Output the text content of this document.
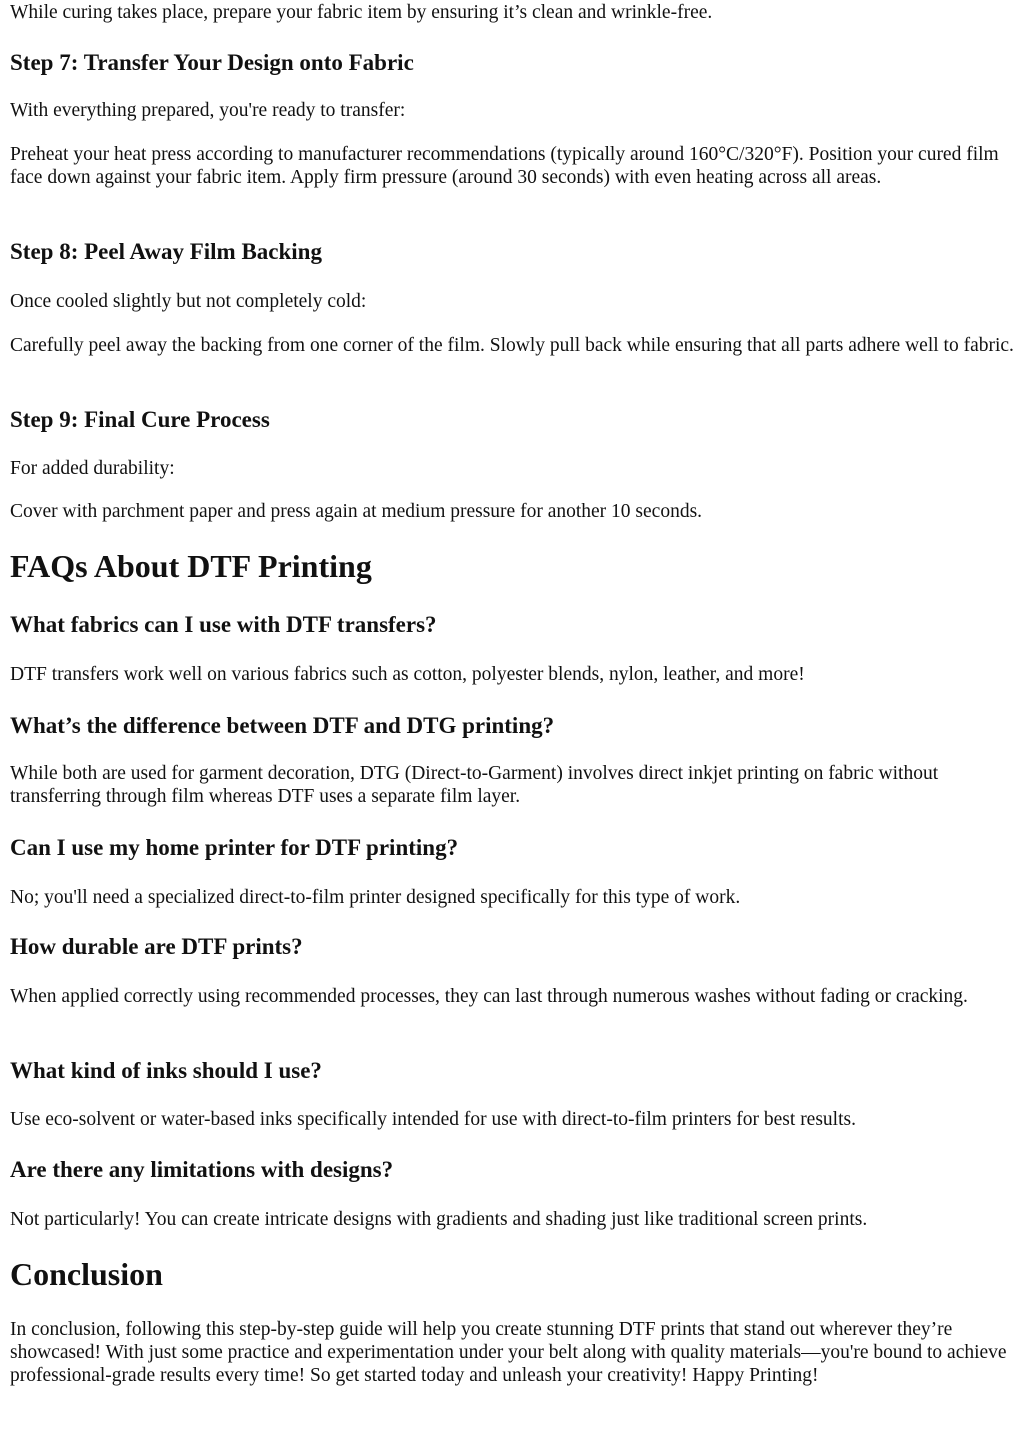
While curing takes place, prepare your fabric item by ensuring it’s clean and wrinkle-free.

Step 7: Transfer Your Design onto Fabric

With everything prepared, you're ready to transfer:

Preheat your heat press according to manufacturer recommendations (typically around 160°C/320°F). Position your cured film face down against your fabric item. Apply firm pressure (around 30 seconds) with even heating across all areas.

Step 8: Peel Away Film Backing

Once cooled slightly but not completely cold:

Carefully peel away the backing from one corner of the film. Slowly pull back while ensuring that all parts adhere well to fabric.

Step 9: Final Cure Process

For added durability:

Cover with parchment paper and press again at medium pressure for another 10 seconds.

FAQs About DTF Printing
What fabrics can I use with DTF transfers?

DTF transfers work well on various fabrics such as cotton, polyester blends, nylon, leather, and more!

What’s the difference between DTF and DTG printing?

While both are used for garment decoration, DTG (Direct-to-Garment) involves direct inkjet printing on fabric without transferring through film whereas DTF uses a separate film layer.

Can I use my home printer for DTF printing?

No; you'll need a specialized direct-to-film printer designed specifically for this type of work.

How durable are DTF prints?

When applied correctly using recommended processes, they can last through numerous washes without fading or cracking.

What kind of inks should I use?

Use eco-solvent or water-based inks specifically intended for use with direct-to-film printers for best results.

Are there any limitations with designs?

Not particularly! You can create intricate designs with gradients and shading just like traditional screen prints.

Conclusion

In conclusion, following this step-by-step guide will help you create stunning DTF prints that stand out wherever they’re showcased! With just some practice and experimentation under your belt along with quality materials—you're bound to achieve professional-grade results every time! So get started today and unleash your creativity! Happy Printing!
